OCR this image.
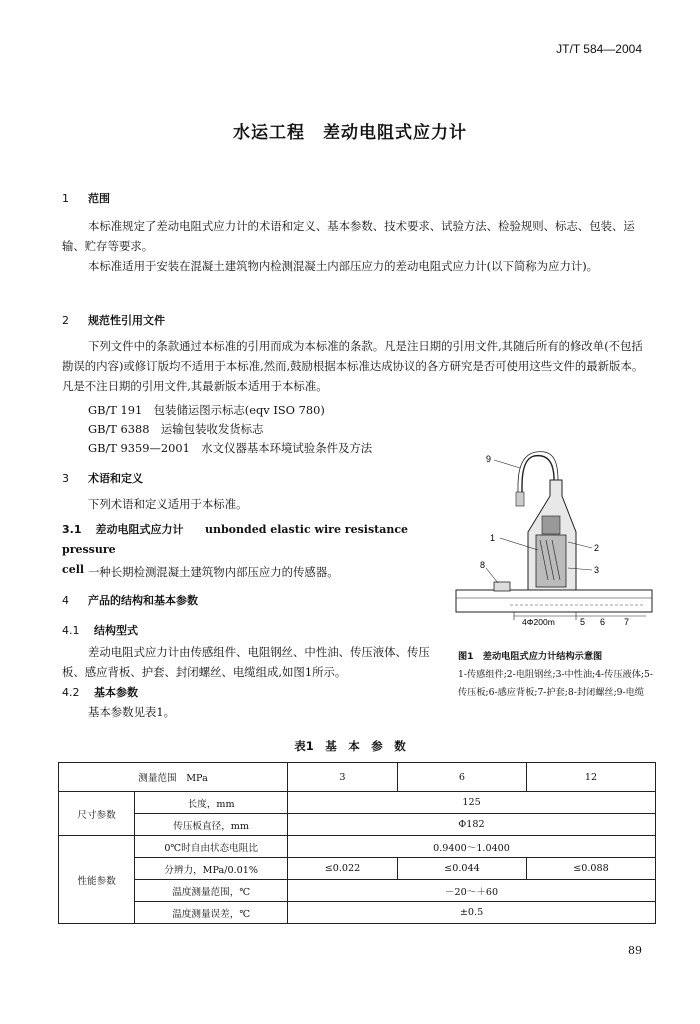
JT/T 584—2004
水运工程　差动电阻式应力计
1 范围
本标准规定了差动电阻式应力计的术语和定义、基本参数、技术要求、试验方法、检验规则、标志、包装、运输、贮存等要求。
本标准适用于安装在混凝土建筑物内检测混凝土内部压应力的差动电阻式应力计(以下简称为应力计)。
2 规范性引用文件
下列文件中的条款通过本标准的引用而成为本标准的条款。凡是注日期的引用文件,其随后所有的修改单(不包括勘误的内容)或修订版均不适用于本标准,然而,鼓励根据本标准达成协议的各方研究是否可使用这些文件的最新版本。凡是不注日期的引用文件,其最新版本适用于本标准。
GB/T 191　包装储运图示标志(eqv ISO 780)
GB/T 6388　运输包装收发货标志
GB/T 9359—2001　水文仪器基本环境试验条件及方法
3 术语和定义
下列术语和定义适用于本标准。
3.1 差动电阻式应力计 unbonded elastic wire resistance pressure
cell 一种长期检测混凝土建筑物内部压应力的传感器。
4 产品的结构和基本参数
4.1 结构型式
差动电阻式应力计由传感组件、电阻钢丝、中性油、传压液体、传压板、感应背板、护套、封闭螺丝、电缆组成,如图1所示。
4.2 基本参数
基本参数见表1。
9
1
2
3
8
4Φ200m	5 6 7
图1　差动电阻式应力计结构示意图
1-传感组件;2-电阻钢丝;3-中性油;4-传压液体;5-传压板;6-感应背板;7-护套;8-封闭螺丝;9-电缆
表1　基　本　参　数
测量范围　MPa		3	6	12
尺寸参数	长度，mm	125		
	传压板直径，mm	Φ182		
性能参数	0℃时自由状态电阻比	0.9400～1.0400		
	分辨力，MPa/0.01%	≤0.022	≤0.044	≤0.088
	温度测量范围，℃	－20～＋60		
	温度测量误差，℃	±0.5		
89
